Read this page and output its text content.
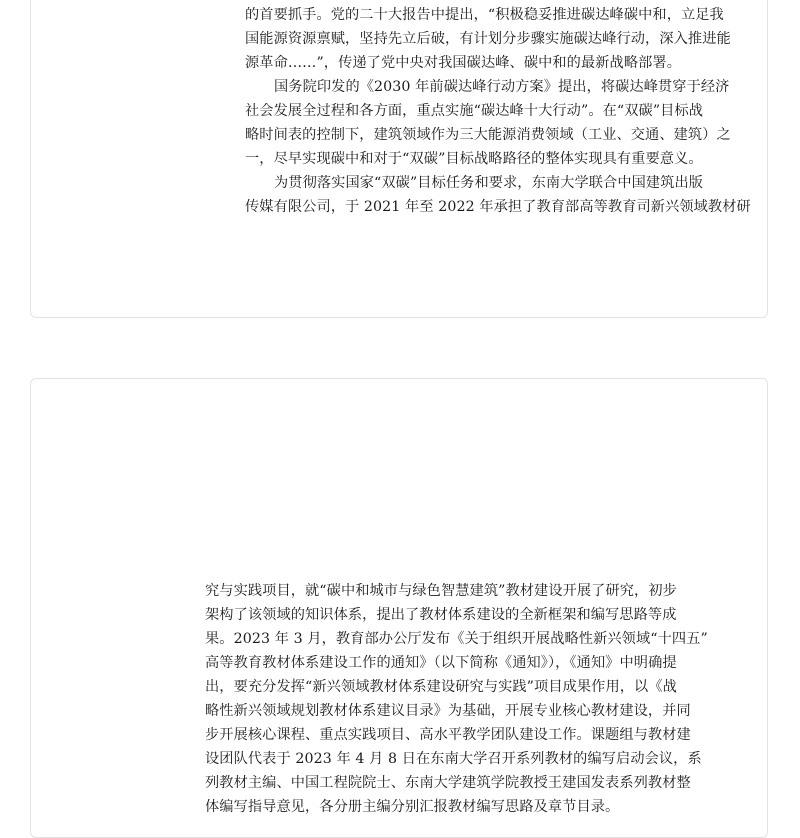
的首要抓手。党的二十大报告中提出，“积极稳妥推进碳达峰碳中和，立足我
国能源资源禀赋，坚持先立后破，有计划分步骤实施碳达峰行动，深入推进能
源革命……”，传递了党中央对我国碳达峰、碳中和的最新战略部署。
国务院印发的《2030 年前碳达峰行动方案》提出，将碳达峰贯穿于经济
社会发展全过程和各方面，重点实施“碳达峰十大行动”。在“双碳”目标战
略时间表的控制下，建筑领域作为三大能源消费领域（工业、交通、建筑）之
一，尽早实现碳中和对于“双碳”目标战略路径的整体实现具有重要意义。
为贯彻落实国家“双碳”目标任务和要求，东南大学联合中国建筑出版
传媒有限公司，于 2021 年至 2022 年承担了教育部高等教育司新兴领域教材研
究与实践项目，就“碳中和城市与绿色智慧建筑”教材建设开展了研究，初步
架构了该领域的知识体系，提出了教材体系建设的全新框架和编写思路等成
果。2023 年 3 月，教育部办公厅发布《关于组织开展战略性新兴领域“十四五”
高等教育教材体系建设工作的通知》（以下简称《通知》），《通知》中明确提
出，要充分发挥“新兴领域教材体系建设研究与实践”项目成果作用，以《战
略性新兴领域规划教材体系建议目录》为基础，开展专业核心教材建设，并同
步开展核心课程、重点实践项目、高水平教学团队建设工作。课题组与教材建
设团队代表于 2023 年 4 月 8 日在东南大学召开系列教材的编写启动会议，系
列教材主编、中国工程院院士、东南大学建筑学院教授王建国发表系列教材整
体编写指导意见，各分册主编分别汇报教材编写思路及章节目录。
